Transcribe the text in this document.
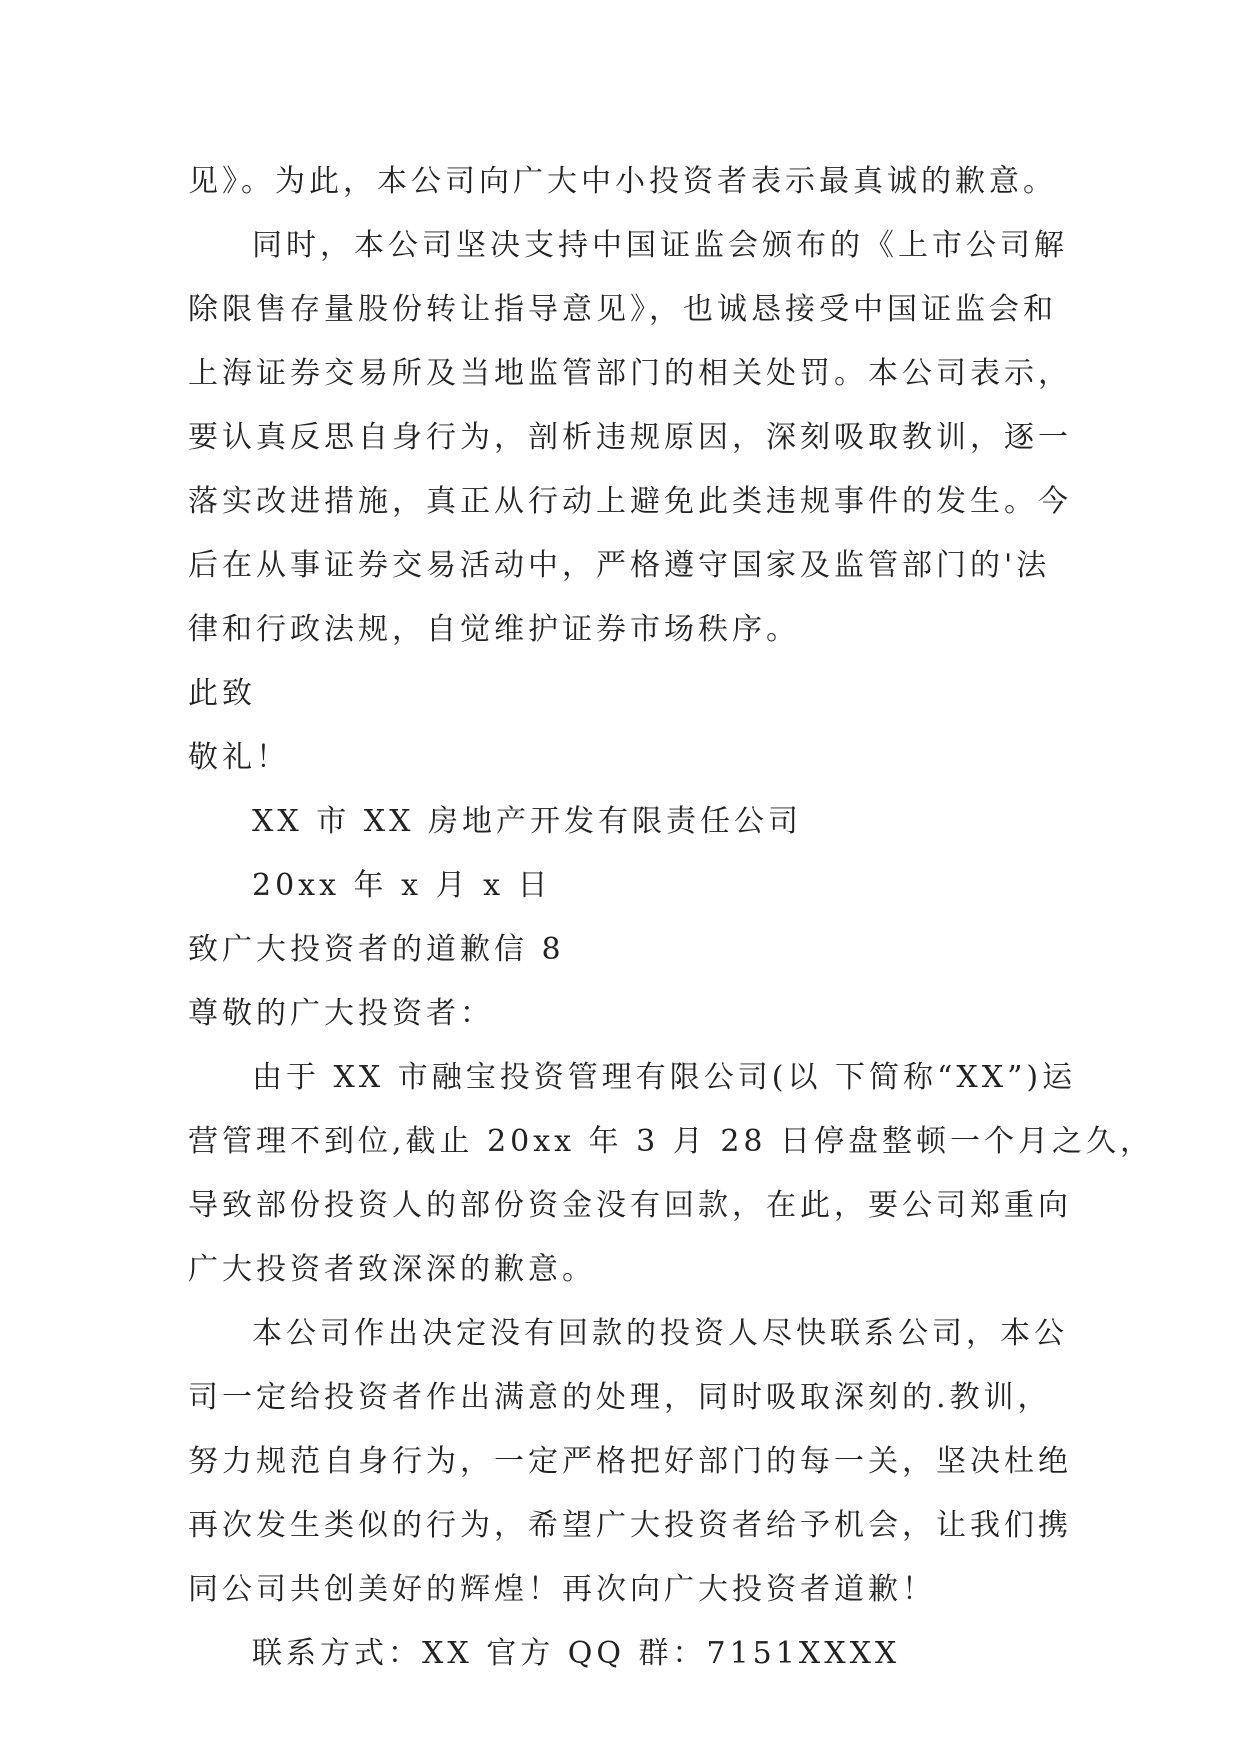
见》。为此，本公司向广大中小投资者表示最真诚的歉意。
同时，本公司坚决支持中国证监会颁布的《上市公司解
除限售存量股份转让指导意见》，也诚恳接受中国证监会和
上海证券交易所及当地监管部门的相关处罚。本公司表示，
要认真反思自身行为，剖析违规原因，深刻吸取教训，逐一
落实改进措施，真正从行动上避免此类违规事件的发生。今
后在从事证券交易活动中，严格遵守国家及监管部门的'法
律和行政法规，自觉维护证券市场秩序。
此致
敬礼！
XX 市 XX 房地产开发有限责任公司
20xx 年 x 月 x 日
致广大投资者的道歉信 8
尊敬的广大投资者：
由于 XX 市融宝投资管理有限公司(以 下简称“XX”)运
营管理不到位,截止 20xx 年 3 月 28 日停盘整顿一个月之久，
导致部份投资人的部份资金没有回款，在此，要公司郑重向
广大投资者致深深的歉意。
本公司作出决定没有回款的投资人尽快联系公司，本公
司一定给投资者作出满意的处理，同时吸取深刻的.教训，
努力规范自身行为，一定严格把好部门的每一关，坚决杜绝
再次发生类似的行为，希望广大投资者给予机会，让我们携
同公司共创美好的辉煌！再次向广大投资者道歉！
联系方式：XX 官方 QQ 群：7151XXXX
